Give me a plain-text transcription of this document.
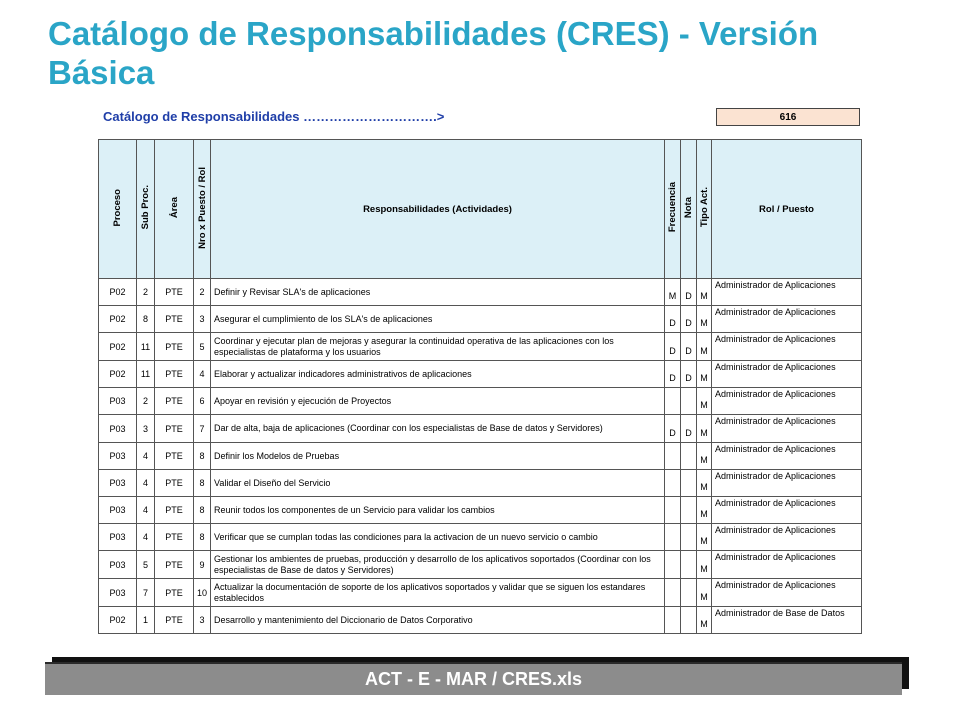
Catálogo de Responsabilidades (CRES) - Versión Básica
Catálogo de Responsabilidades ………………………….>	616
Proceso	Sub Proc.	Área	Nro x Puesto / Rol	Responsabilidades (Actividades)	Frecuencia	Nota	Tipo Act.	Rol / Puesto
P02	2	PTE	2	Definir y Revisar SLA's de aplicaciones	M	D	M	Administrador de Aplicaciones
P02	8	PTE	3	Asegurar el cumplimiento de los SLA's de aplicaciones	D	D	M	Administrador de Aplicaciones
P02	11	PTE	5	Coordinar y ejecutar plan de mejoras y asegurar la continuidad operativa de las aplicaciones con los especialistas de plataforma y los usuarios	D	D	M	Administrador de Aplicaciones
P02	11	PTE	4	Elaborar y actualizar indicadores administrativos de aplicaciones	D	D	M	Administrador de Aplicaciones
P03	2	PTE	6	Apoyar en revisión y ejecución de Proyectos			M	Administrador de Aplicaciones
P03	3	PTE	7	Dar de alta, baja de aplicaciones (Coordinar con los especialistas de Base de datos y Servidores)	D	D	M	Administrador de Aplicaciones
P03	4	PTE	8	Definir los Modelos de Pruebas			M	Administrador de Aplicaciones
P03	4	PTE	8	Validar el Diseño del Servicio			M	Administrador de Aplicaciones
P03	4	PTE	8	Reunir todos los componentes de un Servicio para validar los cambios			M	Administrador de Aplicaciones
P03	4	PTE	8	Verificar que se cumplan todas las condiciones para la activacion de un nuevo servicio o cambio			M	Administrador de Aplicaciones
P03	5	PTE	9	Gestionar los ambientes de pruebas, producción y desarrollo de los aplicativos soportados (Coordinar con los especialistas de Base de datos y Servidores)			M	Administrador de Aplicaciones
P03	7	PTE	10	Actualizar la documentación de soporte de los aplicativos soportados y validar que se siguen los estandares establecidos			M	Administrador de Aplicaciones
P02	1	PTE	3	Desarrollo y mantenimiento del Diccionario de Datos Corporativo			M	Administrador de Base de Datos
ACT - E - MAR / CRES.xls
